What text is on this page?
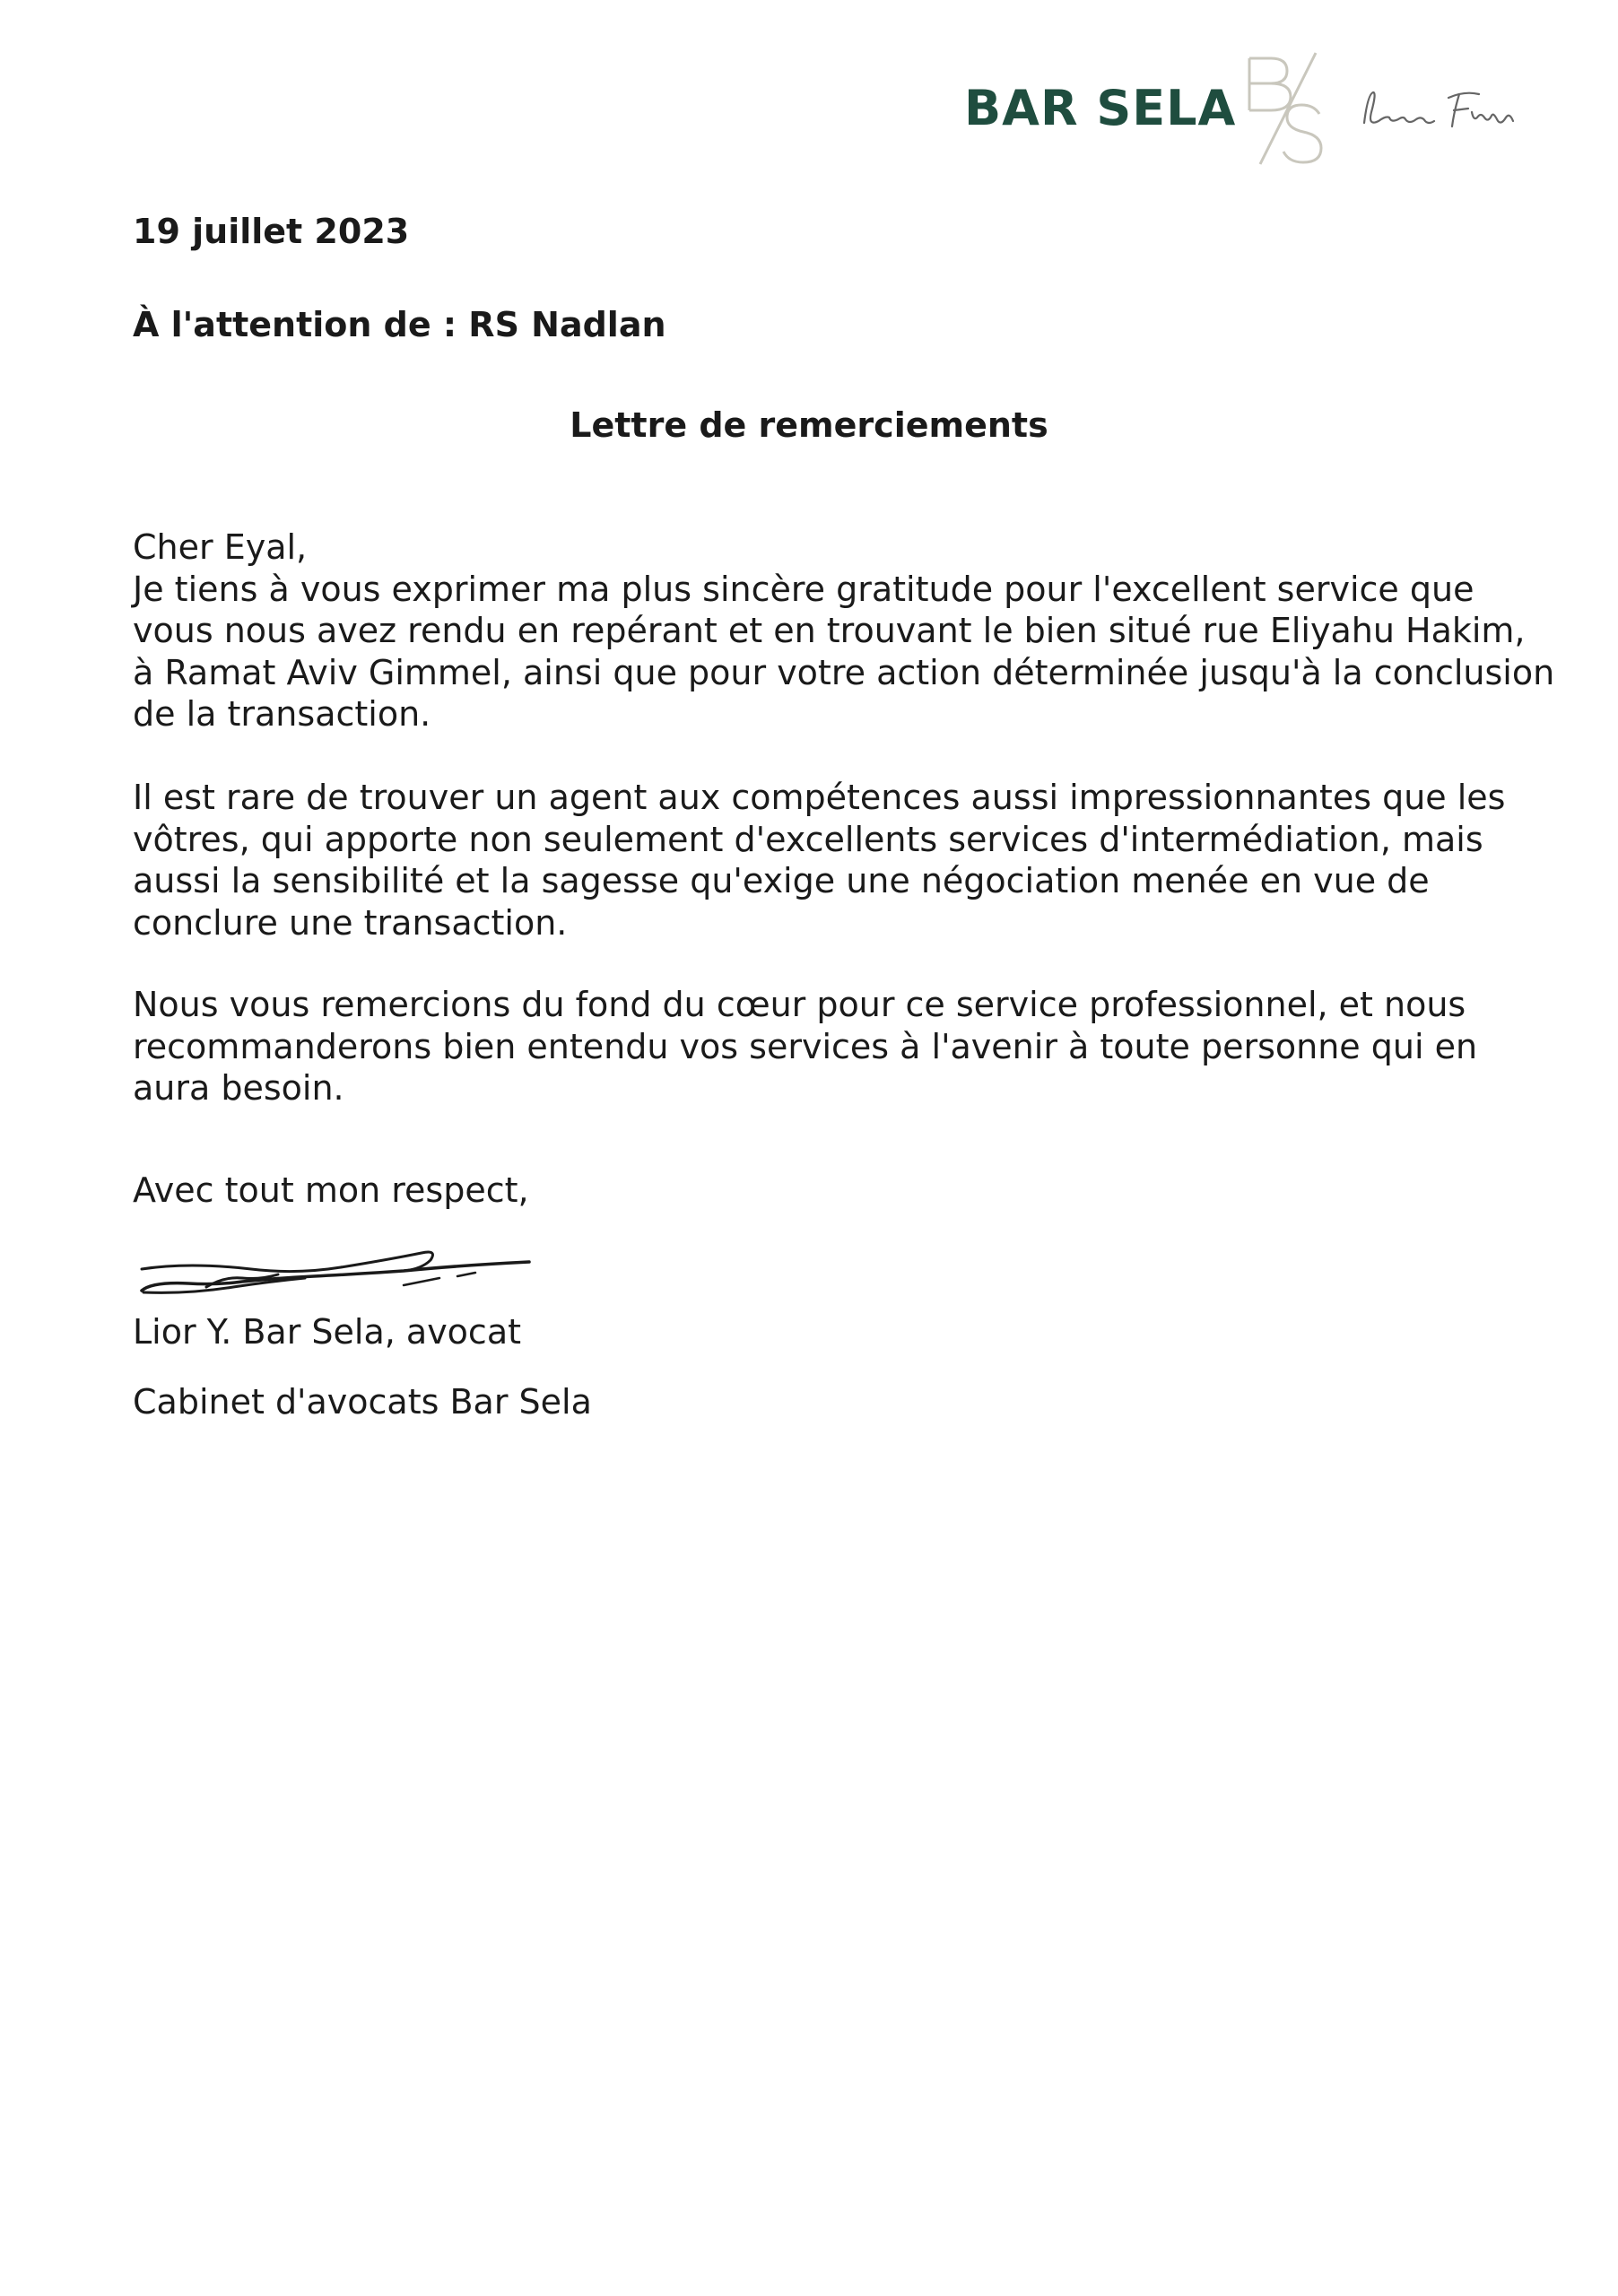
BAR SELA
19 juillet 2023
À l'attention de : RS Nadlan
Lettre de remerciements
Cher Eyal,
Je tiens à vous exprimer ma plus sincère gratitude pour l'excellent service que
vous nous avez rendu en repérant et en trouvant le bien situé rue Eliyahu Hakim,
à Ramat Aviv Gimmel, ainsi que pour votre action déterminée jusqu'à la conclusion
de la transaction.
Il est rare de trouver un agent aux compétences aussi impressionnantes que les
vôtres, qui apporte non seulement d'excellents services d'intermédiation, mais
aussi la sensibilité et la sagesse qu'exige une négociation menée en vue de
conclure une transaction.
Nous vous remercions du fond du cœur pour ce service professionnel, et nous
recommanderons bien entendu vos services à l'avenir à toute personne qui en
aura besoin.
Avec tout mon respect,
Lior Y. Bar Sela, avocat
Cabinet d'avocats Bar Sela
